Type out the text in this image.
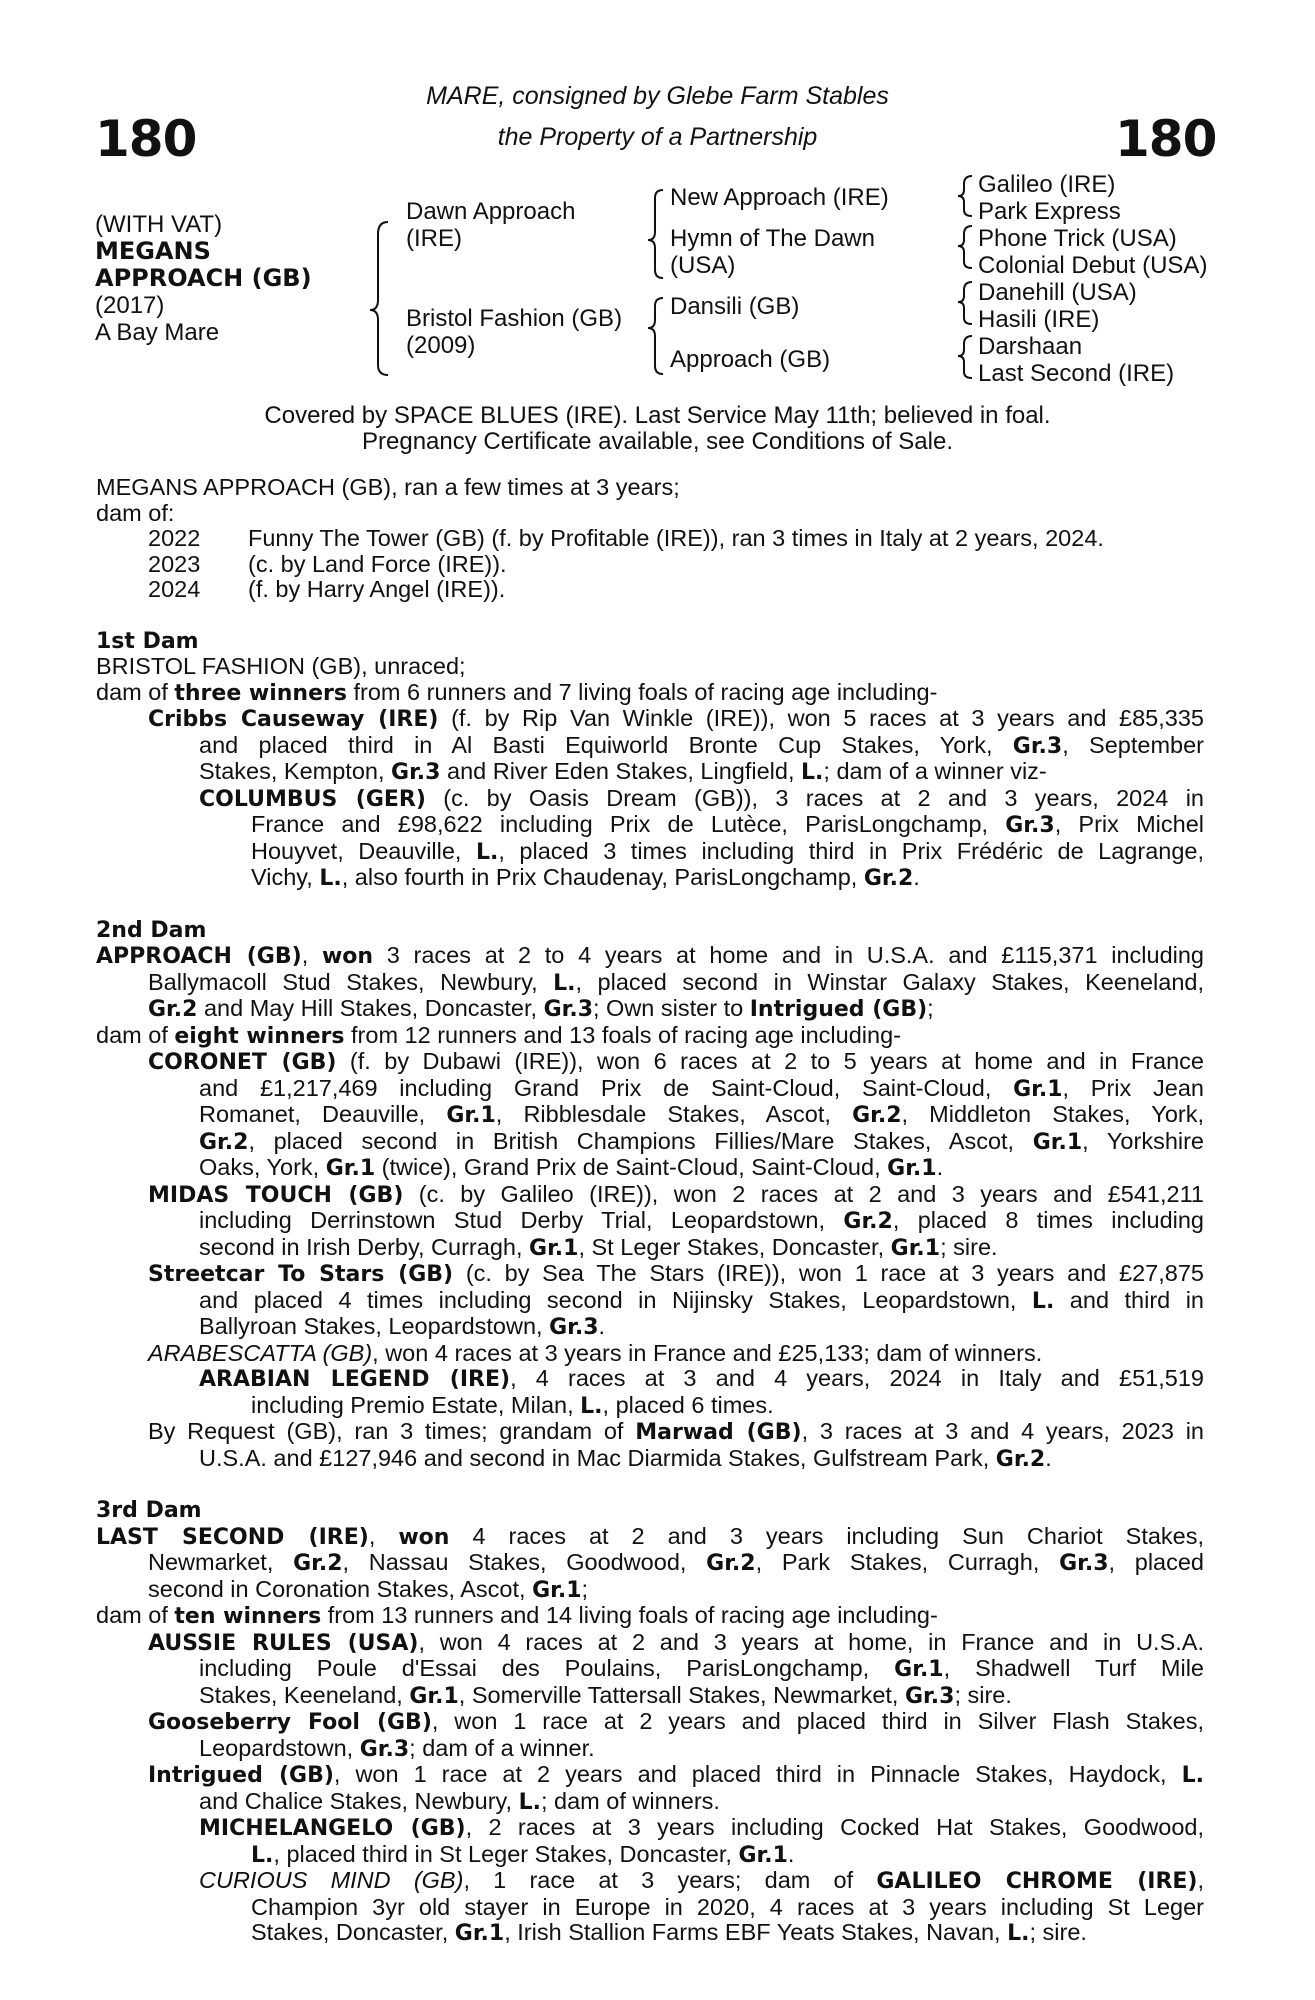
180	180
MARE, consigned by Glebe Farm Stables
the Property of a Partnership
(WITH VAT)
MEGANS
APPROACH (GB)
(2017)
A Bay Mare
Dawn Approach
(IRE)
Bristol Fashion (GB)
(2009)
New Approach (IRE)
Hymn of The Dawn
(USA)
Dansili (GB)
Approach (GB)
Galileo (IRE)
Park Express
Phone Trick (USA)
Colonial Debut (USA)
Danehill (USA)
Hasili (IRE)
Darshaan
Last Second (IRE)
Covered by SPACE BLUES (IRE). Last Service May 11th; believed in foal.
Pregnancy Certificate available, see Conditions of Sale.
MEGANS APPROACH (GB), ran a few times at 3 years;
dam of:
2022 Funny The Tower (GB) (f. by Profitable (IRE)), ran 3 times in Italy at 2 years, 2024.
2023 (c. by Land Force (IRE)).
2024 (f. by Harry Angel (IRE)).
1st Dam
BRISTOL FASHION (GB), unraced;
dam of three winners from 6 runners and 7 living foals of racing age including-
Cribbs Causeway (IRE) (f. by Rip Van Winkle (IRE)), won 5 races at 3 years and £85,335
and placed third in Al Basti Equiworld Bronte Cup Stakes, York, Gr.3, September
Stakes, Kempton, Gr.3 and River Eden Stakes, Lingfield, L.; dam of a winner viz-
COLUMBUS (GER) (c. by Oasis Dream (GB)), 3 races at 2 and 3 years, 2024 in
France and £98,622 including Prix de Lutèce, ParisLongchamp, Gr.3, Prix Michel
Houyvet, Deauville, L., placed 3 times including third in Prix Frédéric de Lagrange,
Vichy, L., also fourth in Prix Chaudenay, ParisLongchamp, Gr.2.
2nd Dam
APPROACH (GB), won 3 races at 2 to 4 years at home and in U.S.A. and £115,371 including
Ballymacoll Stud Stakes, Newbury, L., placed second in Winstar Galaxy Stakes, Keeneland,
Gr.2 and May Hill Stakes, Doncaster, Gr.3; Own sister to Intrigued (GB);
dam of eight winners from 12 runners and 13 foals of racing age including-
CORONET (GB) (f. by Dubawi (IRE)), won 6 races at 2 to 5 years at home and in France
and £1,217,469 including Grand Prix de Saint-Cloud, Saint-Cloud, Gr.1, Prix Jean
Romanet, Deauville, Gr.1, Ribblesdale Stakes, Ascot, Gr.2, Middleton Stakes, York,
Gr.2, placed second in British Champions Fillies/Mare Stakes, Ascot, Gr.1, Yorkshire
Oaks, York, Gr.1 (twice), Grand Prix de Saint-Cloud, Saint-Cloud, Gr.1.
MIDAS TOUCH (GB) (c. by Galileo (IRE)), won 2 races at 2 and 3 years and £541,211
including Derrinstown Stud Derby Trial, Leopardstown, Gr.2, placed 8 times including
second in Irish Derby, Curragh, Gr.1, St Leger Stakes, Doncaster, Gr.1; sire.
Streetcar To Stars (GB) (c. by Sea The Stars (IRE)), won 1 race at 3 years and £27,875
and placed 4 times including second in Nijinsky Stakes, Leopardstown, L. and third in
Ballyroan Stakes, Leopardstown, Gr.3.
ARABESCATTA (GB), won 4 races at 3 years in France and £25,133; dam of winners.
ARABIAN LEGEND (IRE), 4 races at 3 and 4 years, 2024 in Italy and £51,519
including Premio Estate, Milan, L., placed 6 times.
By Request (GB), ran 3 times; grandam of Marwad (GB), 3 races at 3 and 4 years, 2023 in
U.S.A. and £127,946 and second in Mac Diarmida Stakes, Gulfstream Park, Gr.2.
3rd Dam
LAST SECOND (IRE), won 4 races at 2 and 3 years including Sun Chariot Stakes,
Newmarket, Gr.2, Nassau Stakes, Goodwood, Gr.2, Park Stakes, Curragh, Gr.3, placed
second in Coronation Stakes, Ascot, Gr.1;
dam of ten winners from 13 runners and 14 living foals of racing age including-
AUSSIE RULES (USA), won 4 races at 2 and 3 years at home, in France and in U.S.A.
including Poule d'Essai des Poulains, ParisLongchamp, Gr.1, Shadwell Turf Mile
Stakes, Keeneland, Gr.1, Somerville Tattersall Stakes, Newmarket, Gr.3; sire.
Gooseberry Fool (GB), won 1 race at 2 years and placed third in Silver Flash Stakes,
Leopardstown, Gr.3; dam of a winner.
Intrigued (GB), won 1 race at 2 years and placed third in Pinnacle Stakes, Haydock, L.
and Chalice Stakes, Newbury, L.; dam of winners.
MICHELANGELO (GB), 2 races at 3 years including Cocked Hat Stakes, Goodwood,
L., placed third in St Leger Stakes, Doncaster, Gr.1.
CURIOUS MIND (GB), 1 race at 3 years; dam of GALILEO CHROME (IRE),
Champion 3yr old stayer in Europe in 2020, 4 races at 3 years including St Leger
Stakes, Doncaster, Gr.1, Irish Stallion Farms EBF Yeats Stakes, Navan, L.; sire.
